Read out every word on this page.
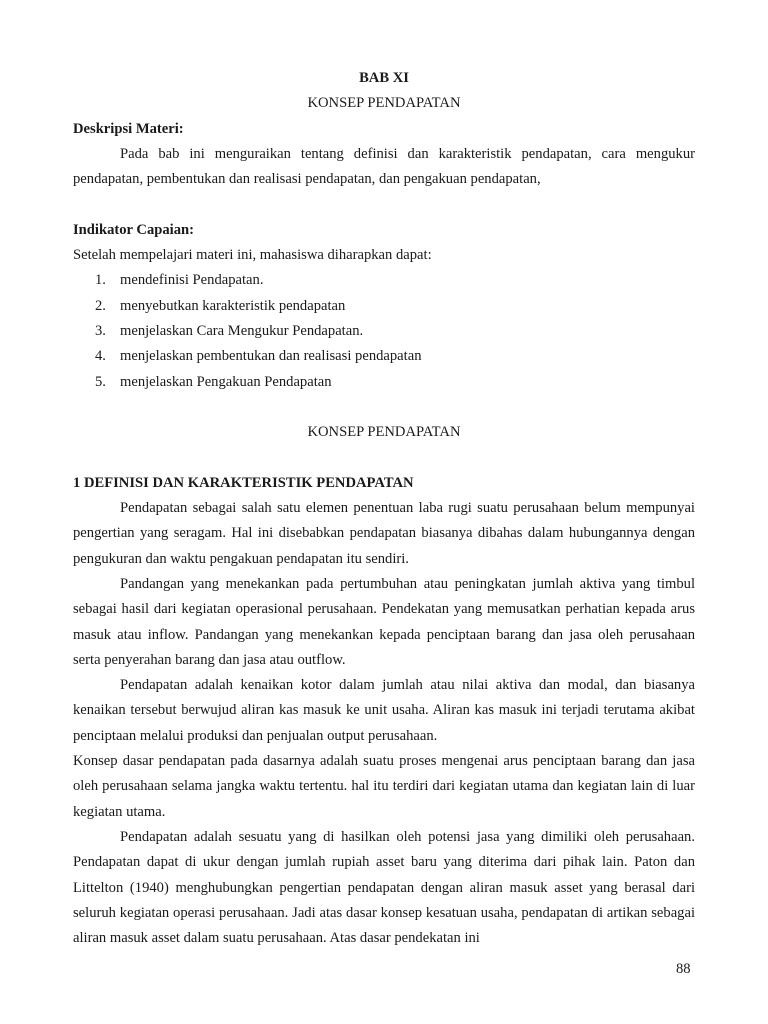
BAB XI
KONSEP PENDAPATAN
Deskripsi Materi:

Pada bab ini menguraikan tentang definisi dan karakteristik pendapatan, cara mengukur pendapatan, pembentukan dan realisasi pendapatan, dan pengakuan pendapatan,

Indikator Capaian:
Setelah mempelajari materi ini, mahasiswa diharapkan dapat:
1. mendefinisi Pendapatan.
2. menyebutkan karakteristik pendapatan
3. menjelaskan Cara Mengukur Pendapatan.
4. menjelaskan pembentukan dan realisasi pendapatan
5. menjelaskan Pengakuan Pendapatan
KONSEP PENDAPATAN
1 DEFINISI DAN KARAKTERISTIK PENDAPATAN

Pendapatan sebagai salah satu elemen penentuan laba rugi suatu perusahaan belum mempunyai pengertian yang seragam. Hal ini disebabkan pendapatan biasanya dibahas dalam hubungannya dengan pengukuran dan waktu pengakuan pendapatan itu sendiri.

Pandangan yang menekankan pada pertumbuhan atau peningkatan jumlah aktiva yang timbul sebagai hasil dari kegiatan operasional perusahaan. Pendekatan yang memusatkan perhatian kepada arus masuk atau inflow. Pandangan yang menekankan kepada penciptaan barang dan jasa oleh perusahaan serta penyerahan barang dan jasa atau outflow.

Pendapatan adalah kenaikan kotor dalam jumlah atau nilai aktiva dan modal, dan biasanya kenaikan tersebut berwujud aliran kas masuk ke unit usaha. Aliran kas masuk ini terjadi terutama akibat penciptaan melalui produksi dan penjualan output perusahaan.

Konsep dasar pendapatan pada dasarnya adalah suatu proses mengenai arus penciptaan barang dan jasa oleh perusahaan selama jangka waktu tertentu. hal itu terdiri dari kegiatan utama dan kegiatan lain di luar kegiatan utama.

Pendapatan adalah sesuatu yang di hasilkan oleh potensi jasa yang dimiliki oleh perusahaan. Pendapatan dapat di ukur dengan jumlah rupiah asset baru yang diterima dari pihak lain. Paton dan Littelton (1940) menghubungkan pengertian pendapatan dengan aliran masuk asset yang berasal dari seluruh kegiatan operasi perusahaan. Jadi atas dasar konsep kesatuan usaha, pendapatan di artikan sebagai aliran masuk asset dalam suatu perusahaan. Atas dasar pendekatan ini

88
